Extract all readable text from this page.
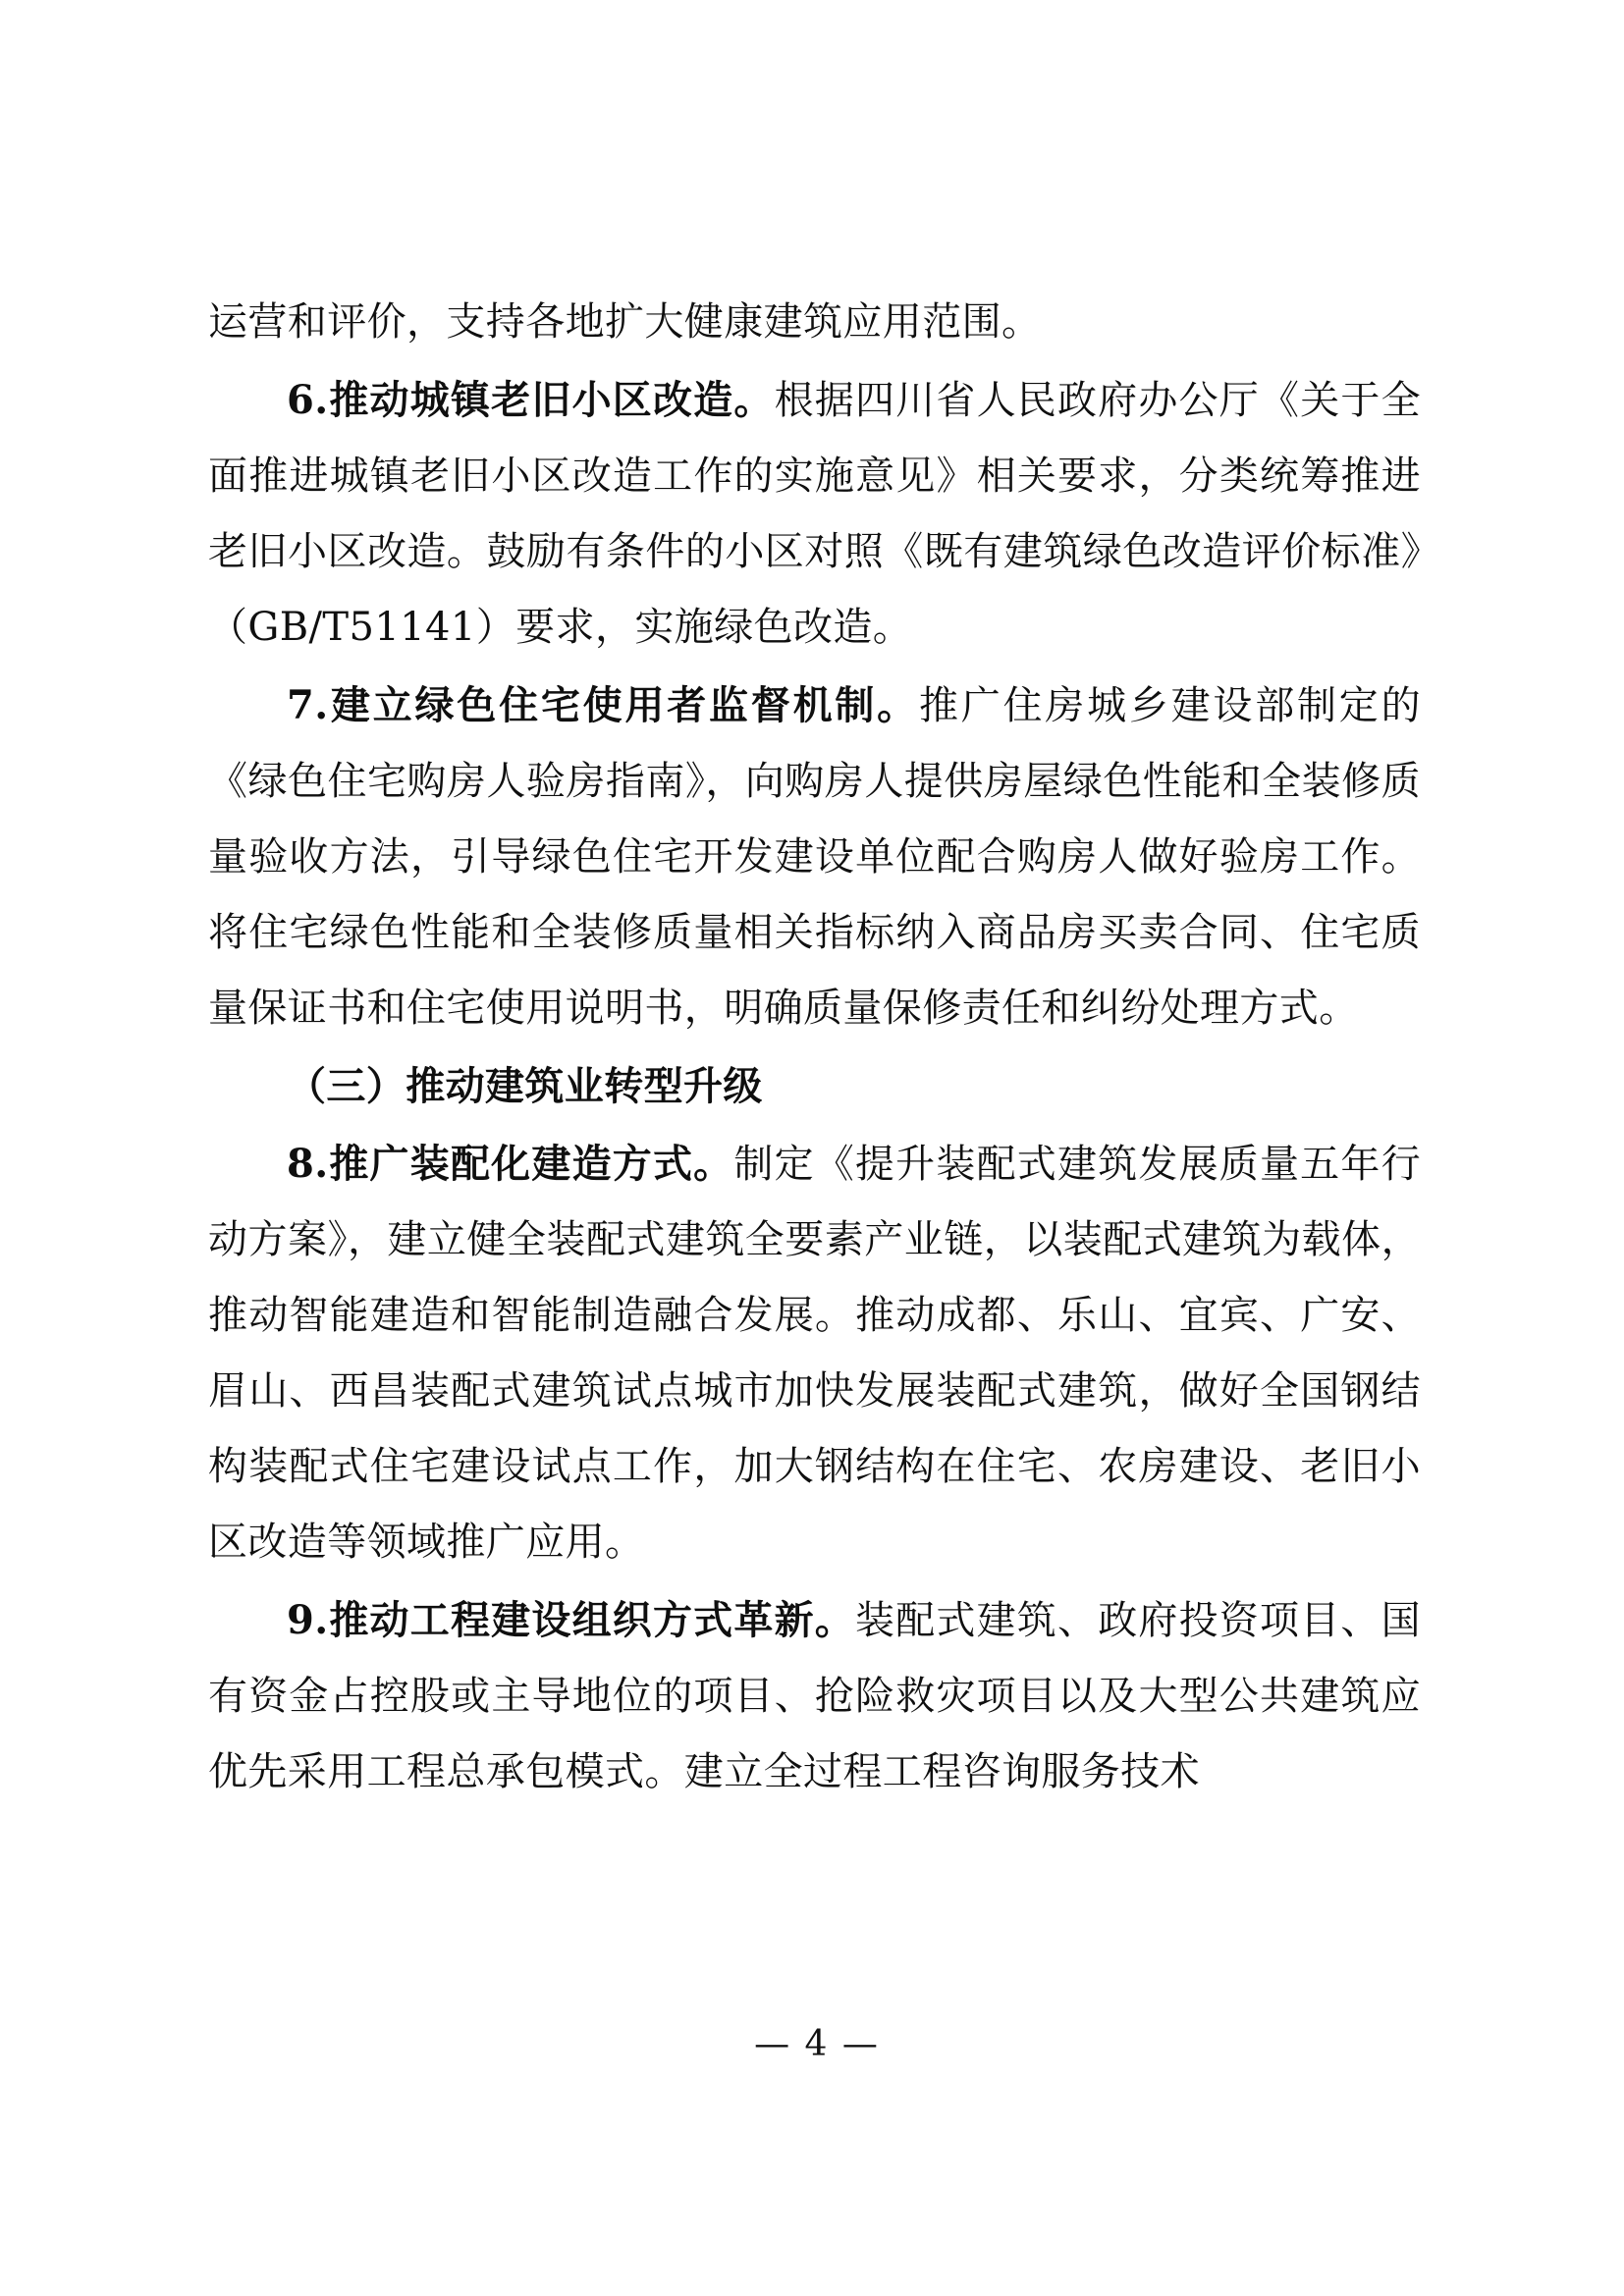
运营和评价，支持各地扩大健康建筑应用范围。

6.推动城镇老旧小区改造。根据四川省人民政府办公厅《关于全面推进城镇老旧小区改造工作的实施意见》相关要求，分类统筹推进老旧小区改造。鼓励有条件的小区对照《既有建筑绿色改造评价标准》（GB/T51141）要求，实施绿色改造。

7.建立绿色住宅使用者监督机制。推广住房城乡建设部制定的《绿色住宅购房人验房指南》，向购房人提供房屋绿色性能和全装修质量验收方法，引导绿色住宅开发建设单位配合购房人做好验房工作。将住宅绿色性能和全装修质量相关指标纳入商品房买卖合同、住宅质量保证书和住宅使用说明书，明确质量保修责任和纠纷处理方式。

（三）推动建筑业转型升级

8.推广装配化建造方式。制定《提升装配式建筑发展质量五年行动方案》，建立健全装配式建筑全要素产业链，以装配式建筑为载体，推动智能建造和智能制造融合发展。推动成都、乐山、宜宾、广安、眉山、西昌装配式建筑试点城市加快发展装配式建筑，做好全国钢结构装配式住宅建设试点工作，加大钢结构在住宅、农房建设、老旧小区改造等领域推广应用。

9.推动工程建设组织方式革新。装配式建筑、政府投资项目、国有资金占控股或主导地位的项目、抢险救灾项目以及大型公共建筑应优先采用工程总承包模式。建立全过程工程咨询服务技术

— 4 —
